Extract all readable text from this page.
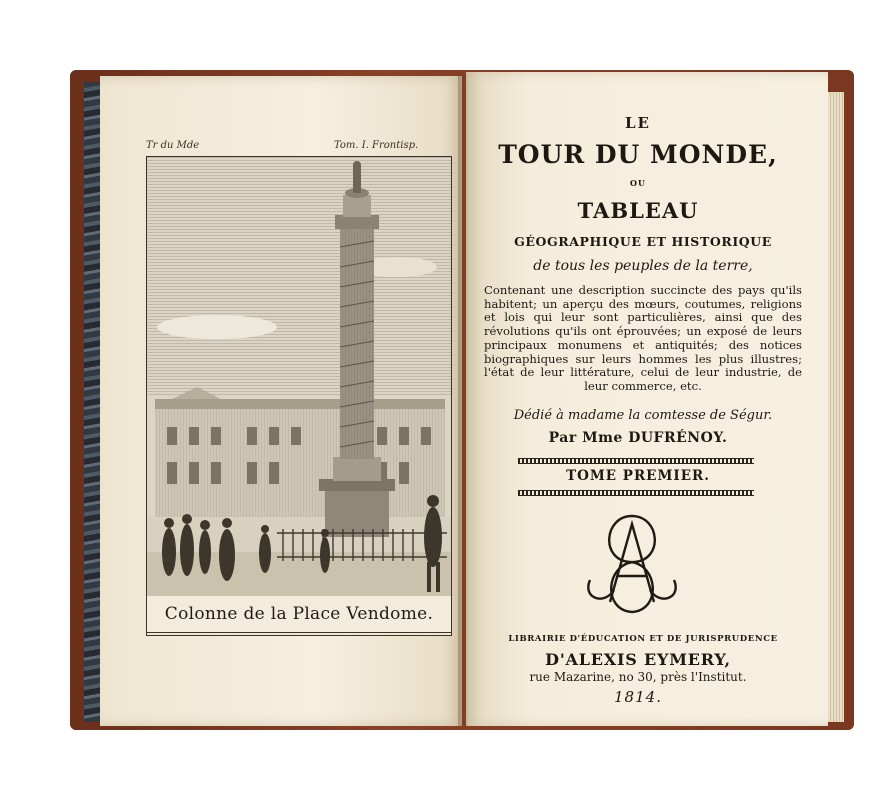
Tr du Mde	Tom. I. Frontisp.
Colonne de la Place Vendome.
LE
TOUR DU MONDE,
OU
TABLEAU
GÉOGRAPHIQUE ET HISTORIQUE
de tous les peuples de la terre,
Contenant une description succincte des pays qu'ils habitent; un aperçu des mœurs, coutumes, religions et lois qui leur sont particulières, ainsi que des révolutions qu'ils ont éprouvées; un exposé de leurs principaux monumens et antiquités; des notices biographiques sur leurs hommes les plus illustres; l'état de leur littérature, celui de leur industrie, de leur commerce, etc.
Dédié à madame la comtesse de Ségur.
Par Mme DUFRÉNOY.
TOME PREMIER.
LIBRAIRIE D'ÉDUCATION ET DE JURISPRUDENCE
D'ALEXIS EYMERY,
rue Mazarine, no 30, près l'Institut.
1814.
